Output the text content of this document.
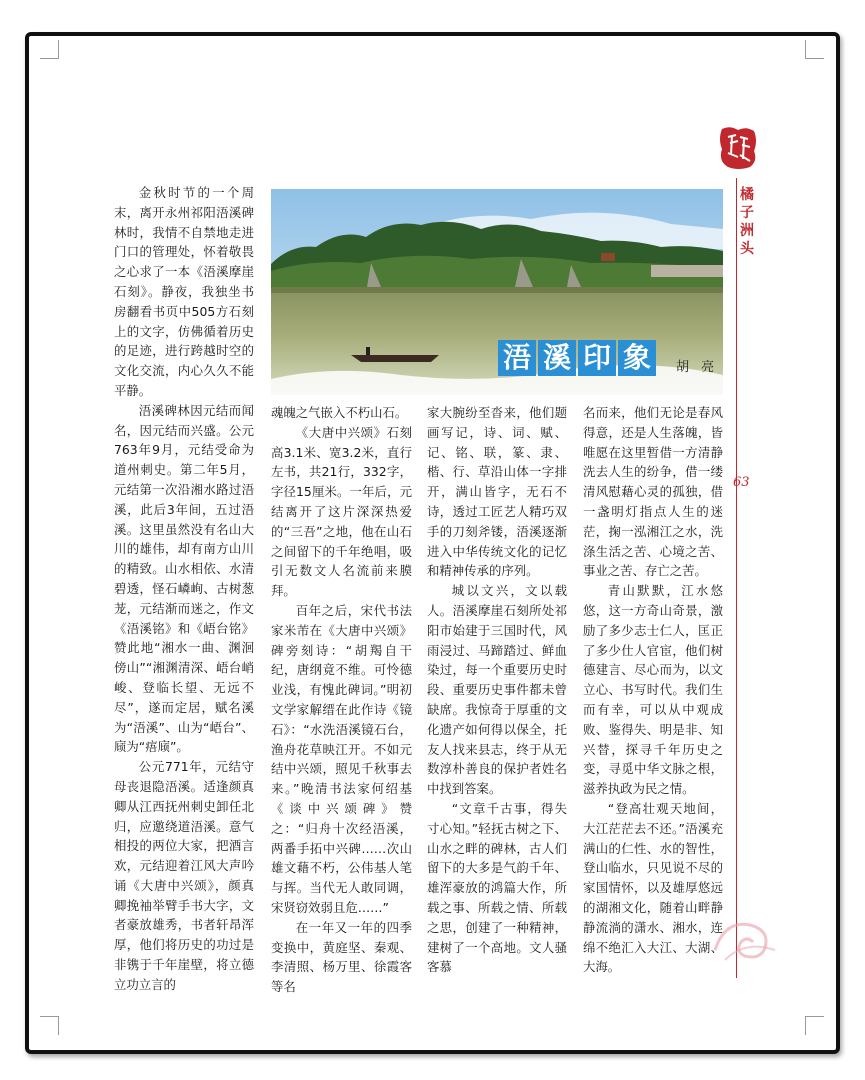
橘子洲头
63
浯 溪 印 象	胡 亮

金秋时节的一个周末，离开永州祁阳浯溪碑林时，我情不自禁地走进门口的管理处，怀着敬畏之心求了一本《浯溪摩崖石刻》。静夜，我独坐书房翻看书页中505方石刻上的文字，仿佛循着历史的足迹，进行跨越时空的文化交流，内心久久不能平静。

浯溪碑林因元结而闻名，因元结而兴盛。公元763年9月，元结受命为道州刺史。第二年5月，元结第一次沿湘水路过浯溪，此后3年间，五过浯溪。这里虽然没有名山大川的雄伟，却有南方山川的精致。山水相依、水清碧透，怪石嶙峋、古树葱茏，元结渐而迷之，作文《浯溪铭》和《峿台铭》赞此地“湘水一曲、渊洄傍山”“湘渊清深、峿台峭峻、登临长望、无远不尽”，遂而定居，赋名溪为“浯溪”、山为“峿台”、庼为“痦庼”。

公元771年，元结守母丧退隐浯溪。适逢颜真卿从江西抚州刺史卸任北归，应邀绕道浯溪。意气相投的两位大家，把酒言欢，元结迎着江风大声吟诵《大唐中兴颂》，颜真卿挽袖举臂手书大字，文者豪放雄秀，书者轩昂浑厚，他们将历史的功过是非镌于千年崖壁，将立德立功立言的

魂魄之气嵌入不朽山石。

《大唐中兴颂》石刻高3.1米、宽3.2米，直行左书，共21行，332字，字径15厘米。一年后，元结离开了这片深深热爱的“三吾”之地，他在山石之间留下的千年绝唱，吸引无数文人名流前来膜拜。

百年之后，宋代书法家米芾在《大唐中兴颂》碑旁刻诗：“胡羯自干纪，唐纲竟不维。可怜德业浅，有愧此碑词。”明初文学家解缙在此作诗《镜石》：“水洗浯溪镜石台，渔舟花草映江开。不如元结中兴颂，照见千秋事去来。”晚清书法家何绍基《谈中兴颂碑》赞之：“归舟十次经浯溪，两番手拓中兴碑……次山雄文藉不朽，公伟基人笔与挥。当代无人敢同调，宋贤窃效弱且危……”

在一年又一年的四季变换中，黄庭坚、秦观、李清照、杨万里、徐霞客等名

家大腕纷至沓来，他们题画写记，诗、词、赋、记、铭、联，篆、隶、楷、行、草沿山体一字排开，满山皆字，无石不诗，透过工匠艺人精巧双手的刀刻斧镂，浯溪逐渐进入中华传统文化的记忆和精神传承的序列。

城以文兴，文以载人。浯溪摩崖石刻所处祁阳市始建于三国时代，风雨浸过、马蹄踏过、鲜血染过，每一个重要历史时段、重要历史事件都未曾缺席。我惊奇于厚重的文化遗产如何得以保全，托友人找来县志，终于从无数淳朴善良的保护者姓名中找到答案。

“文章千古事，得失寸心知。”轻抚古树之下、山水之畔的碑林，古人们留下的大多是气韵千年、雄浑豪放的鸿篇大作，所载之事、所载之情、所载之思，创建了一种精神，建树了一个高地。文人骚客慕

名而来，他们无论是春风得意，还是人生落魄，皆唯愿在这里暂借一方清静洗去人生的纷争，借一缕清风慰藉心灵的孤独，借一盏明灯指点人生的迷茫，掬一泓湘江之水，洗涤生活之苦、心境之苦、事业之苦、存亡之苦。

青山默默，江水悠悠，这一方奇山奇景，激励了多少志士仁人，匡正了多少仕人官宦，他们树德建言、尽心而为，以文立心、书写时代。我们生而有幸，可以从中观成败、鉴得失、明是非、知兴替，探寻千年历史之变，寻觅中华文脉之根，滋养执政为民之情。

“登高壮观天地间，大江茫茫去不还。”浯溪充满山的仁性、水的智性，登山临水，只见说不尽的家国情怀，以及雄厚悠远的湖湘文化，随着山畔静静流淌的潇水、湘水，连绵不绝汇入大江、大湖、大海。
